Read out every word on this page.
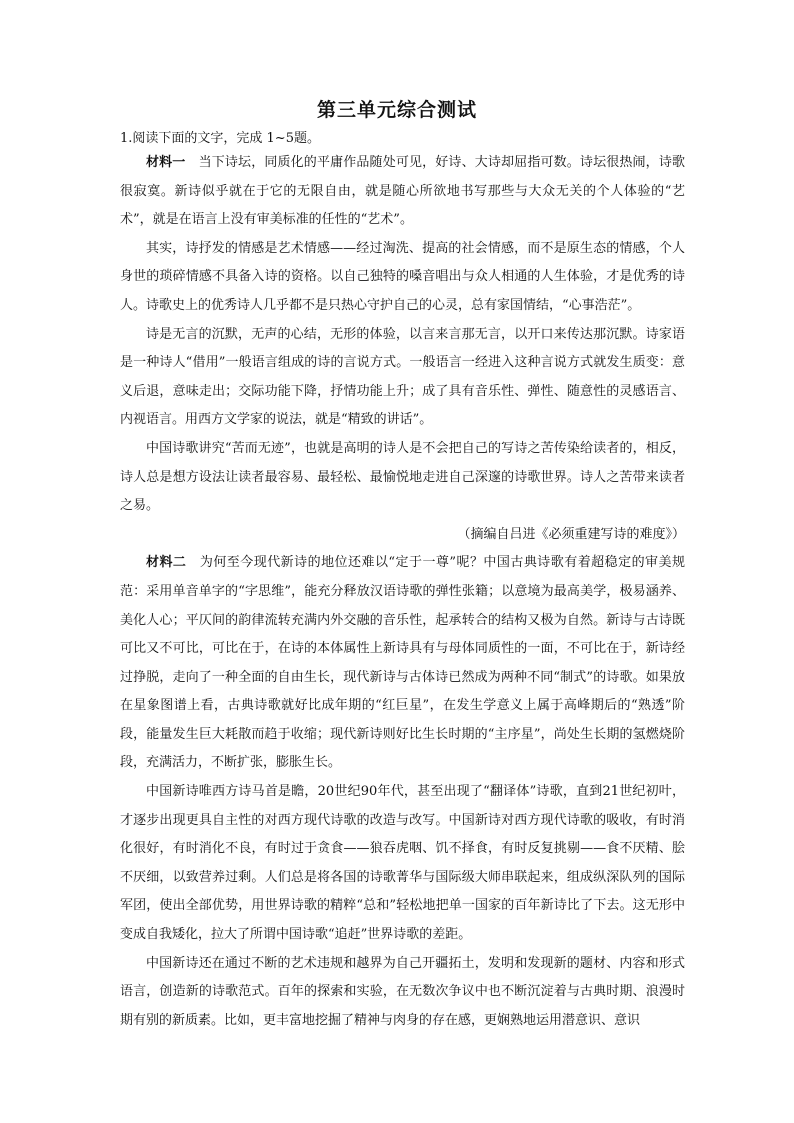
第三单元综合测试

1.阅读下面的文字，完成 1~5题。

材料一　 当下诗坛，同质化的平庸作品随处可见，好诗、大诗却屈指可数。诗坛很热闹，诗歌很寂寞。新诗似乎就在于它的无限自由，就是随心所欲地书写那些与大众无关的个人体验的“艺术”，就是在语言上没有审美标准的任性的“艺术”。

其实，诗抒发的情感是艺术情感——经过淘洗、提高的社会情感，而不是原生态的情感，个人身世的琐碎情感不具备入诗的资格。以自己独特的嗓音唱出与众人相通的人生体验，才是优秀的诗人。诗歌史上的优秀诗人几乎都不是只热心守护自己的心灵，总有家国情结，“心事浩茫”。

诗是无言的沉默，无声的心结，无形的体验，以言来言那无言，以开口来传达那沉默。诗家语是一种诗人“借用”一般语言组成的诗的言说方式。一般语言一经进入这种言说方式就发生质变：意义后退，意味走出；交际功能下降，抒情功能上升；成了具有音乐性、弹性、随意性的灵感语言、内视语言。用西方文学家的说法，就是“精致的讲话”。

中国诗歌讲究“苦而无迹”，也就是高明的诗人是不会把自己的写诗之苦传染给读者的，相反，诗人总是想方设法让读者最容易、最轻松、最愉悦地走进自己深邃的诗歌世界。诗人之苦带来读者之易。

（摘编自吕进《必须重建写诗的难度》）

材料二　 为何至今现代新诗的地位还难以“定于一尊”呢？中国古典诗歌有着超稳定的审美规范：采用单音单字的“字思维”，能充分释放汉语诗歌的弹性张籍；以意境为最高美学，极易涵养、美化人心；平仄间的韵律流转充满内外交融的音乐性，起承转合的结构又极为自然。新诗与古诗既可比又不可比，可比在于，在诗的本体属性上新诗具有与母体同质性的一面，不可比在于，新诗经过挣脱，走向了一种全面的自由生长，现代新诗与古体诗已然成为两种不同“制式”的诗歌。如果放在星象图谱上看，古典诗歌就好比成年期的“红巨星”，在发生学意义上属于高峰期后的“熟透”阶段，能量发生巨大耗散而趋于收缩；现代新诗则好比生长时期的“主序星”，尚处生长期的氢燃烧阶段，充满活力，不断扩张，膨胀生长。

中国新诗唯西方诗马首是瞻，20世纪90年代，甚至出现了“翻译体”诗歌，直到21世纪初叶，才逐步出现更具自主性的对西方现代诗歌的改造与改写。中国新诗对西方现代诗歌的吸收，有时消化很好，有时消化不良，有时过于贪食——狼吞虎咽、饥不择食，有时反复挑剔——食不厌精、脍不厌细，以致营养过剩。人们总是将各国的诗歌菁华与国际级大师串联起来，组成纵深队列的国际军团，使出全部优势，用世界诗歌的精粹“总和”轻松地把单一国家的百年新诗比了下去。这无形中变成自我矮化，拉大了所谓中国诗歌“追赶”世界诗歌的差距。

中国新诗还在通过不断的艺术违规和越界为自己开疆拓土，发明和发现新的题材、内容和形式语言，创造新的诗歌范式。百年的探索和实验，在无数次争议中也不断沉淀着与古典时期、浪漫时期有别的新质素。比如，更丰富地挖掘了精神与肉身的存在感，更娴熟地运用潜意识、意识
